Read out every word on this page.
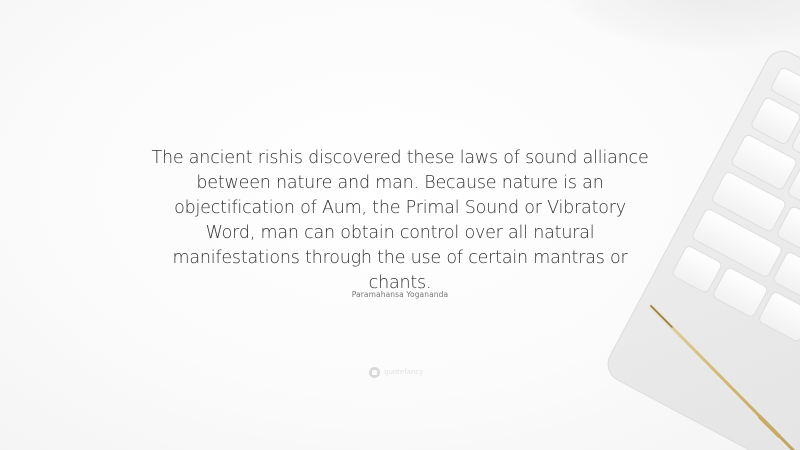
The ancient rishis discovered these laws of sound alliance
between nature and man. Because nature is an
objectification of Aum, the Primal Sound or Vibratory
Word, man can obtain control over all natural
manifestations through the use of certain mantras or chants.

Paramahansa Yogananda
quotefancy
